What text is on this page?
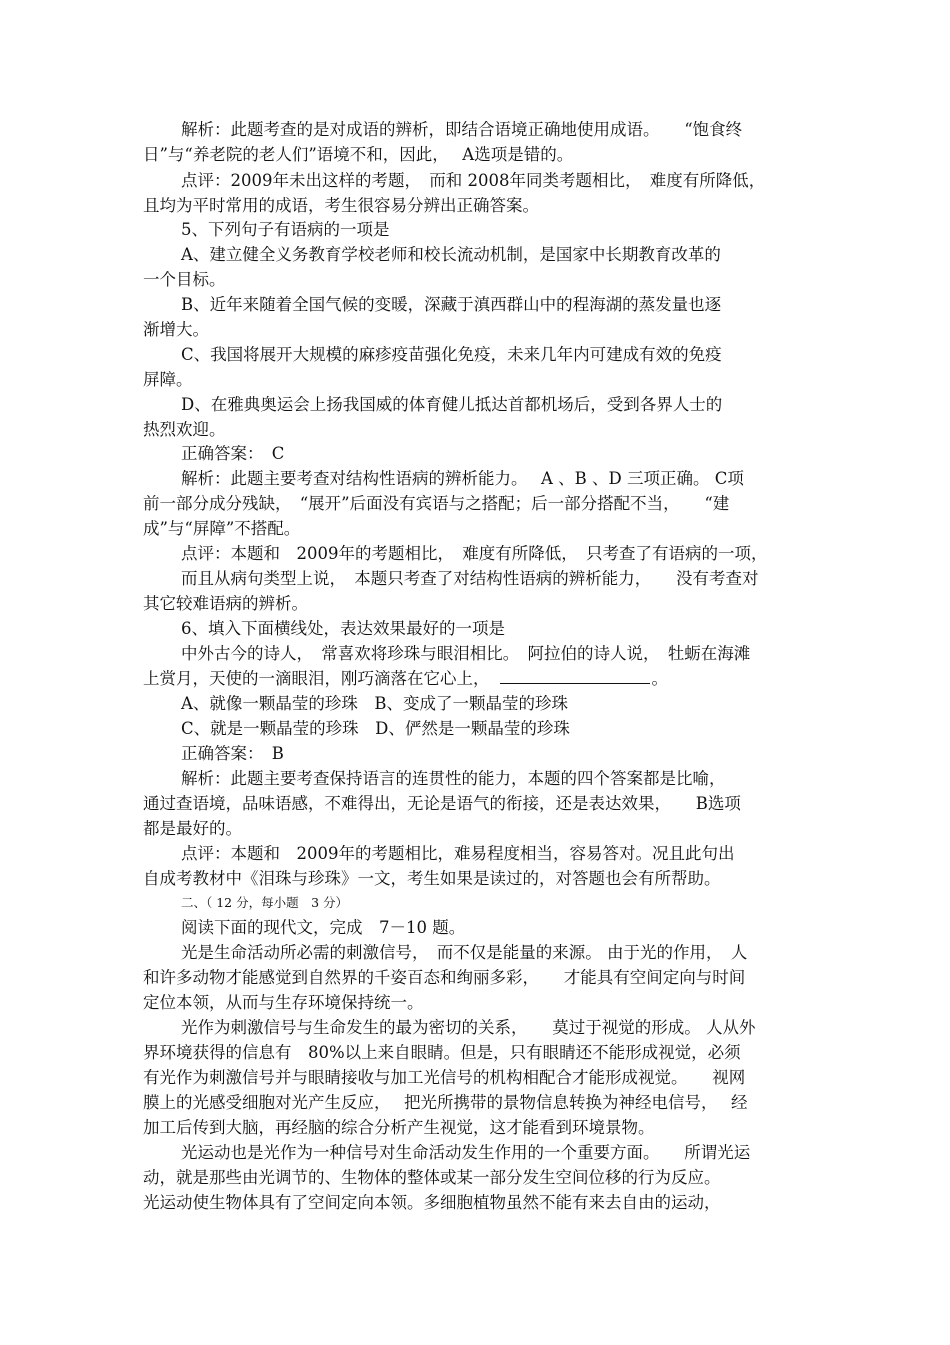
解析：此题考查的是对成语的辨析，即结合语境正确地使用成语。　　“饱食终
日”与“养老院的老人们”语境不和，因此，　 A选项是错的。
点评：2009年未出这样的考题，　而和 2008年同类考题相比，　难度有所降低，
且均为平时常用的成语，考生很容易分辨出正确答案。
5、下列句子有语病的一项是
A、建立健全义务教育学校老师和校长流动机制，是国家中长期教育改革的
一个目标。
B、近年来随着全国气候的变暖，深藏于滇西群山中的程海湖的蒸发量也逐
渐增大。
C、我国将展开大规模的麻疹疫苗强化免疫，未来几年内可建成有效的免疫
屏障。
D、在雅典奥运会上扬我国威的体育健儿抵达首都机场后，受到各界人士的
热烈欢迎。
正确答案：　C
解析：此题主要考查对结构性语病的辨析能力。　 A 、B 、D 三项正确。 C项
前一部分成分残缺，　“展开”后面没有宾语与之搭配；后一部分搭配不当，　　“建
成”与“屏障”不搭配。
点评：本题和　2009年的考题相比，　难度有所降低，　只考查了有语病的一项，
而且从病句类型上说，　本题只考查了对结构性语病的辨析能力，　　没有考查对
其它较难语病的辨析。
6、填入下面横线处，表达效果最好的一项是
中外古今的诗人，　常喜欢将珍珠与眼泪相比。　阿拉伯的诗人说，　牡蛎在海滩
上赏月，天使的一滴眼泪，刚巧滴落在它心上，	。
A、就像一颗晶莹的珍珠　B、变成了一颗晶莹的珍珠
C、就是一颗晶莹的珍珠　D、俨然是一颗晶莹的珍珠
正确答案：　B
解析：此题主要考查保持语言的连贯性的能力，本题的四个答案都是比喻，
通过查语境，品味语感，不难得出，无论是语气的衔接，还是表达效果，　　B选项
都是最好的。
点评：本题和　2009年的考题相比，难易程度相当，容易答对。况且此句出
自成考教材中《泪珠与珍珠》一文，考生如果是读过的，对答题也会有所帮助。
二、（ 12 分，每小题　3 分）
阅读下面的现代文，完成　7－10 题。
光是生命活动所必需的刺激信号，　而不仅是能量的来源。 由于光的作用，　人
和许多动物才能感觉到自然界的千姿百态和绚丽多彩，　　才能具有空间定向与时间
定位本领，从而与生存环境保持统一。
光作为刺激信号与生命发生的最为密切的关系，　　莫过于视觉的形成。 人从外
界环境获得的信息有　80%以上来自眼睛。但是，只有眼睛还不能形成视觉，必须
有光作为刺激信号并与眼睛接收与加工光信号的机构相配合才能形成视觉。　　视网
膜上的光感受细胞对光产生反应，　 把光所携带的景物信息转换为神经电信号，　 经
加工后传到大脑，再经脑的综合分析产生视觉，这才能看到环境景物。
光运动也是光作为一种信号对生命活动发生作用的一个重要方面。　　所谓光运
动，就是那些由光调节的、生物体的整体或某一部分发生空间位移的行为反应。
光运动使生物体具有了空间定向本领。多细胞植物虽然不能有来去自由的运动，
